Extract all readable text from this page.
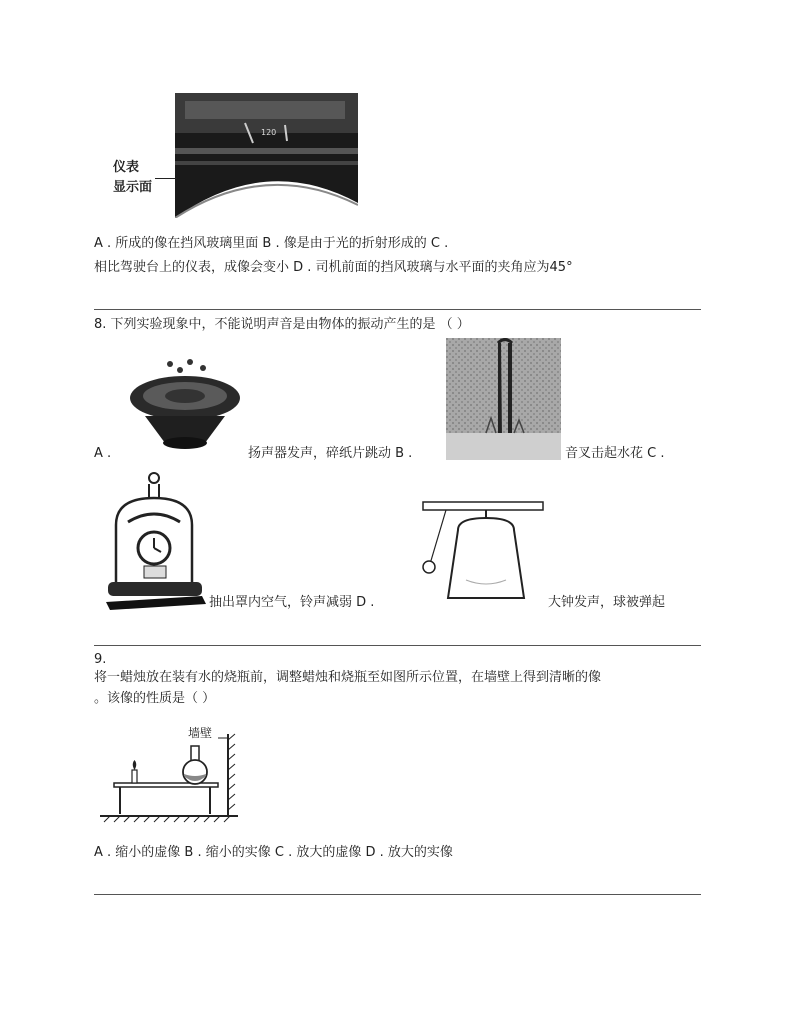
120
仪表
显示面
A . 所成的像在挡风玻璃里面 B . 像是由于光的折射形成的 C .
相比驾驶台上的仪表，成像会变小 D . 司机前面的挡风玻璃与水平面的夹角应为45°
8. 下列实验现象中，不能说明声音是由物体的振动产生的是 （ ）
A .	扬声器发声，碎纸片跳动 B .	音叉击起水花 C .
抽出罩内空气，铃声减弱 D .	大钟发声，球被弹起
9.
将一蜡烛放在装有水的烧瓶前，调整蜡烛和烧瓶至如图所示位置，在墙壁上得到清晰的像
。该像的性质是（ ）
墙壁
A . 缩小的虚像 B . 缩小的实像 C . 放大的虚像 D . 放大的实像
